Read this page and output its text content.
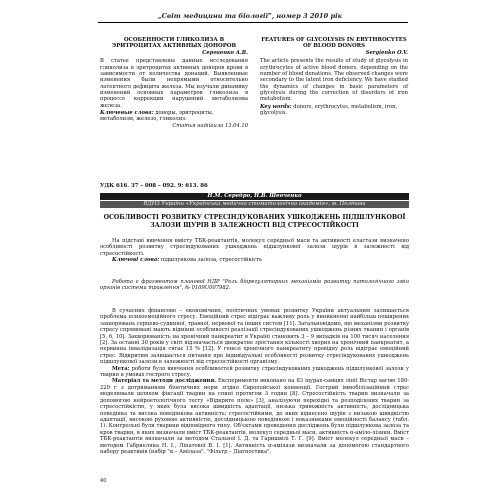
„Світ медицини та біології”, номер 3 2010 рік
ОСОБЕННОСТИ ГЛИКОЛИЗА В ЭРИТРОЦИТАХ АКТИВНЫХ ДОНОРОВ
Сергиенко А.В.
В статье представлены данные исследования гликолиза в эритроцитах активных доноров крови в зависимости от количества донаций. Выявленные изменения были непрямыми относительно латентного дефицита железа. Мы изучали динамику изменений основных параметров гликолиза в процессе коррекции нарушений метаболизма железа.
Ключевые слова: доноры, эритроциты, метаболизм, железо, гликолиз.
Статья надійшла 13.04.10
FEATURES OF GLYCOLYSIS IN ERYTHROCYTES OF BLOOD DONORS
Sergienko O.V.
The article presents the results of study of glycolysis in erythrocytes of active blood donors, depending on the number of blood donations. The observed changes were secondary to the latent iron deficiency. We have studied the dynamics of changes in basic parameters of glycolysis during the correction of disorders of iron metabolism.
Key words: donors, erythrocytes, metabolism, iron, glycolysis.
УДК 616. 37 – 008 – 092. 9: 613. 86
Н.М. Серебро, Н.В. Шевченко
ВДНЗ України «Українська медична стоматологічна академія», м. Полтава
ОСОБЛИВОСТІ РОЗВИТКУ СТРЕСІНДУКОВАНИХ УШКОДЖЕНЬ ПІДШЛУНКОВОЇ ЗАЛОЗИ ЩУРІВ В ЗАЛЕЖНОСТІ ВІД СТРЕСОСТІЙКОСТІ
На підставі вивчення вмісту ТБК-реактантів, молекул середньої маси та активності еластази визначено особливості розвитку стресіндукованих ушкоджень підшлункової залози щурів в залежності від стресостійкості.
Ключові слова: підшлункова залоза, стресостійкість
Робота є фрагментом планової НДР "Роль біорегуляторних механізмів розвитку патологічного змін органів системи травлення", № 0109U007982.

В сучасних фінансово – економічних, політичних умовах розвитку України актуальним залишається проблема психоемоційного стресу. Емоційний стрес відіграє важливу роль у виникненні найбільш поширених захворювань серцево-судинної, травної, нервової та інших систем [11]. Загальновідомо, що механізми розвитку стресу спрямовані мають відмінні особливості реалізації стресіндукованих ушкоджень різних тканин і органів [5, 6, 10]. Захворюваність на хронічний панкреатит в Україні становить 3 – 9 випадків на 100 тисяч населення [2]. За останні 30 років у світі відзначається двократне зростання кількості хворих на хронічний панкреатит, а первинна інвалідизація сягає 15 % [12]. У генезі хронічного панкреатиту провідну роль відіграє емоційний стрес. Відкритим залишається питання про індивідуальні особливості розвитку стресіндукованих ушкоджень підшлункової залози в залежності від стресостійкості організму.

Мета: роботи було вивчення особливостей розвитку стресіндукованих ушкоджень підшлункової залози у тварин в умовах гострого стресу.

Матеріал та методи дослідження. Експерименти виконано на 83 щурах-самцях лінії Вістар вагою 180-220 г з дотриманням біоетичних норм згідно Європейської конвенції. Гострий іммобілізаційний стрес моделювали шляхом фіксації тварин на спині протягом 3 годин [8]. Стресостійкість тварин визначали за допомогою нейроетологічного тесту «Відкрите поле» [3], аналізуючи перехідні та розподілених тварин за стресостійкістю, у яких була висока швидкість адаптації, низька тривожність активність, дослідницька поведінка та висока поведінкова активність; стресостійкими, до яких віднесено щурів з низькою швидкістю адаптації, високою руховою активністю, дослідницькою поведінкою і показниками емоційності балансу (табл. 1). Контрольні були тварини відповідного типу. Об'єктами проведення досліджень були підшлункова залоза та кров тварин, в яких визначали вміст ТБК-реактантів, молекул середньої маси, активність α-аміло-лізини. Вміст ТБК-реактантів визначали за методом Стальної І. Д. та Гаришвілі Т. Г. [9]. Вміст молекул середньої маси – методом Габриеляна Н. І., Ліпатової В. І. [1]. Активність α-амілази визначали за допомогою стандартного набору реактивів (набір "α – Амілаза", "Фільтр – Діагностика",

40
